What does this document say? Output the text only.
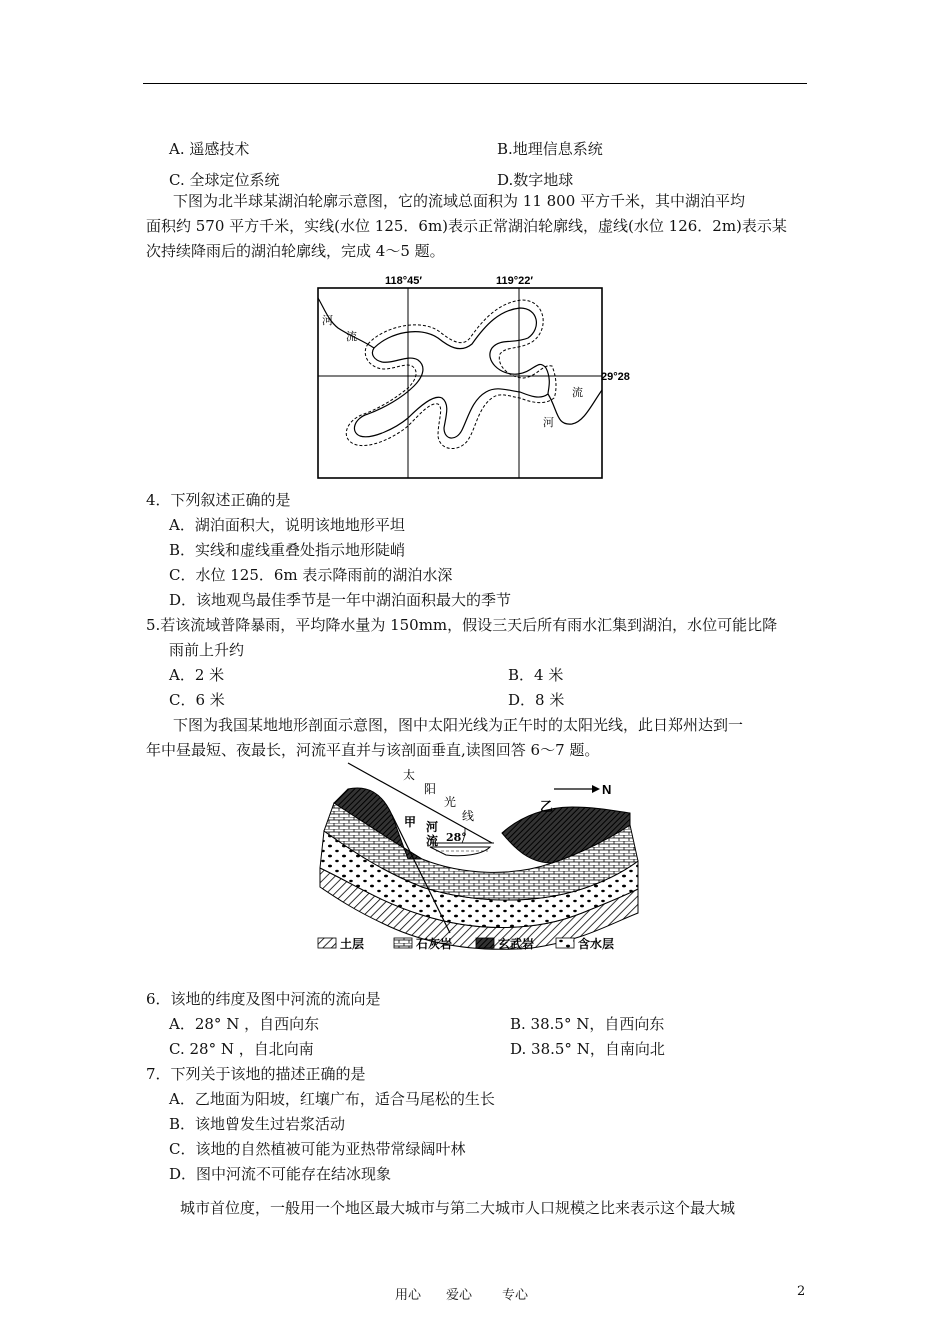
A. 遥感技术	B.地理信息系统
C. 全球定位系统	D.数字地球
下图为北半球某湖泊轮廓示意图，它的流域总面积为 11 800 平方千米，其中湖泊平均
面积约 570 平方千米，实线(水位 125．6m)表示正常湖泊轮廓线，虚线(水位 126．2m)表示某
次持续降雨后的湖泊轮廓线，完成 4～5 题。
118°45′	119°22′
29°28
河
流
流
河
4．下列叙述正确的是
A．湖泊面积大，说明该地地形平坦
B．实线和虚线重叠处指示地形陡峭
C．水位 125．6m 表示降雨前的湖泊水深
D．该地观鸟最佳季节是一年中湖泊面积最大的季节
5.若该流域普降暴雨，平均降水量为 150mm，假设三天后所有雨水汇集到湖泊，水位可能比降
雨前上升约
A．2 米	B．4 米
C．6 米	D．8 米
下图为我国某地地形剖面示意图，图中太阳光线为正午时的太阳光线，此日郑州达到一
年中昼最短、夜最长，河流平直并与该剖面垂直,读图回答 6～7 题。
太
阳
光
线
甲 河
流 28°
乙
N
土层	石灰岩	玄武岩	含水层
6．该地的纬度及图中河流的流向是
A．28° N ，自西向东	B. 38.5° N，自西向东
C. 28° N ，自北向南	D. 38.5° N，自南向北
7．下列关于该地的描述正确的是
A．乙地面为阳坡，红壤广布，适合马尾松的生长
B．该地曾发生过岩浆活动
C．该地的自然植被可能为亚热带常绿阔叶林
D．图中河流不可能存在结冰现象
城市首位度，一般用一个地区最大城市与第二大城市人口规模之比来表示这个最大城
用心 爱心 专心	2
